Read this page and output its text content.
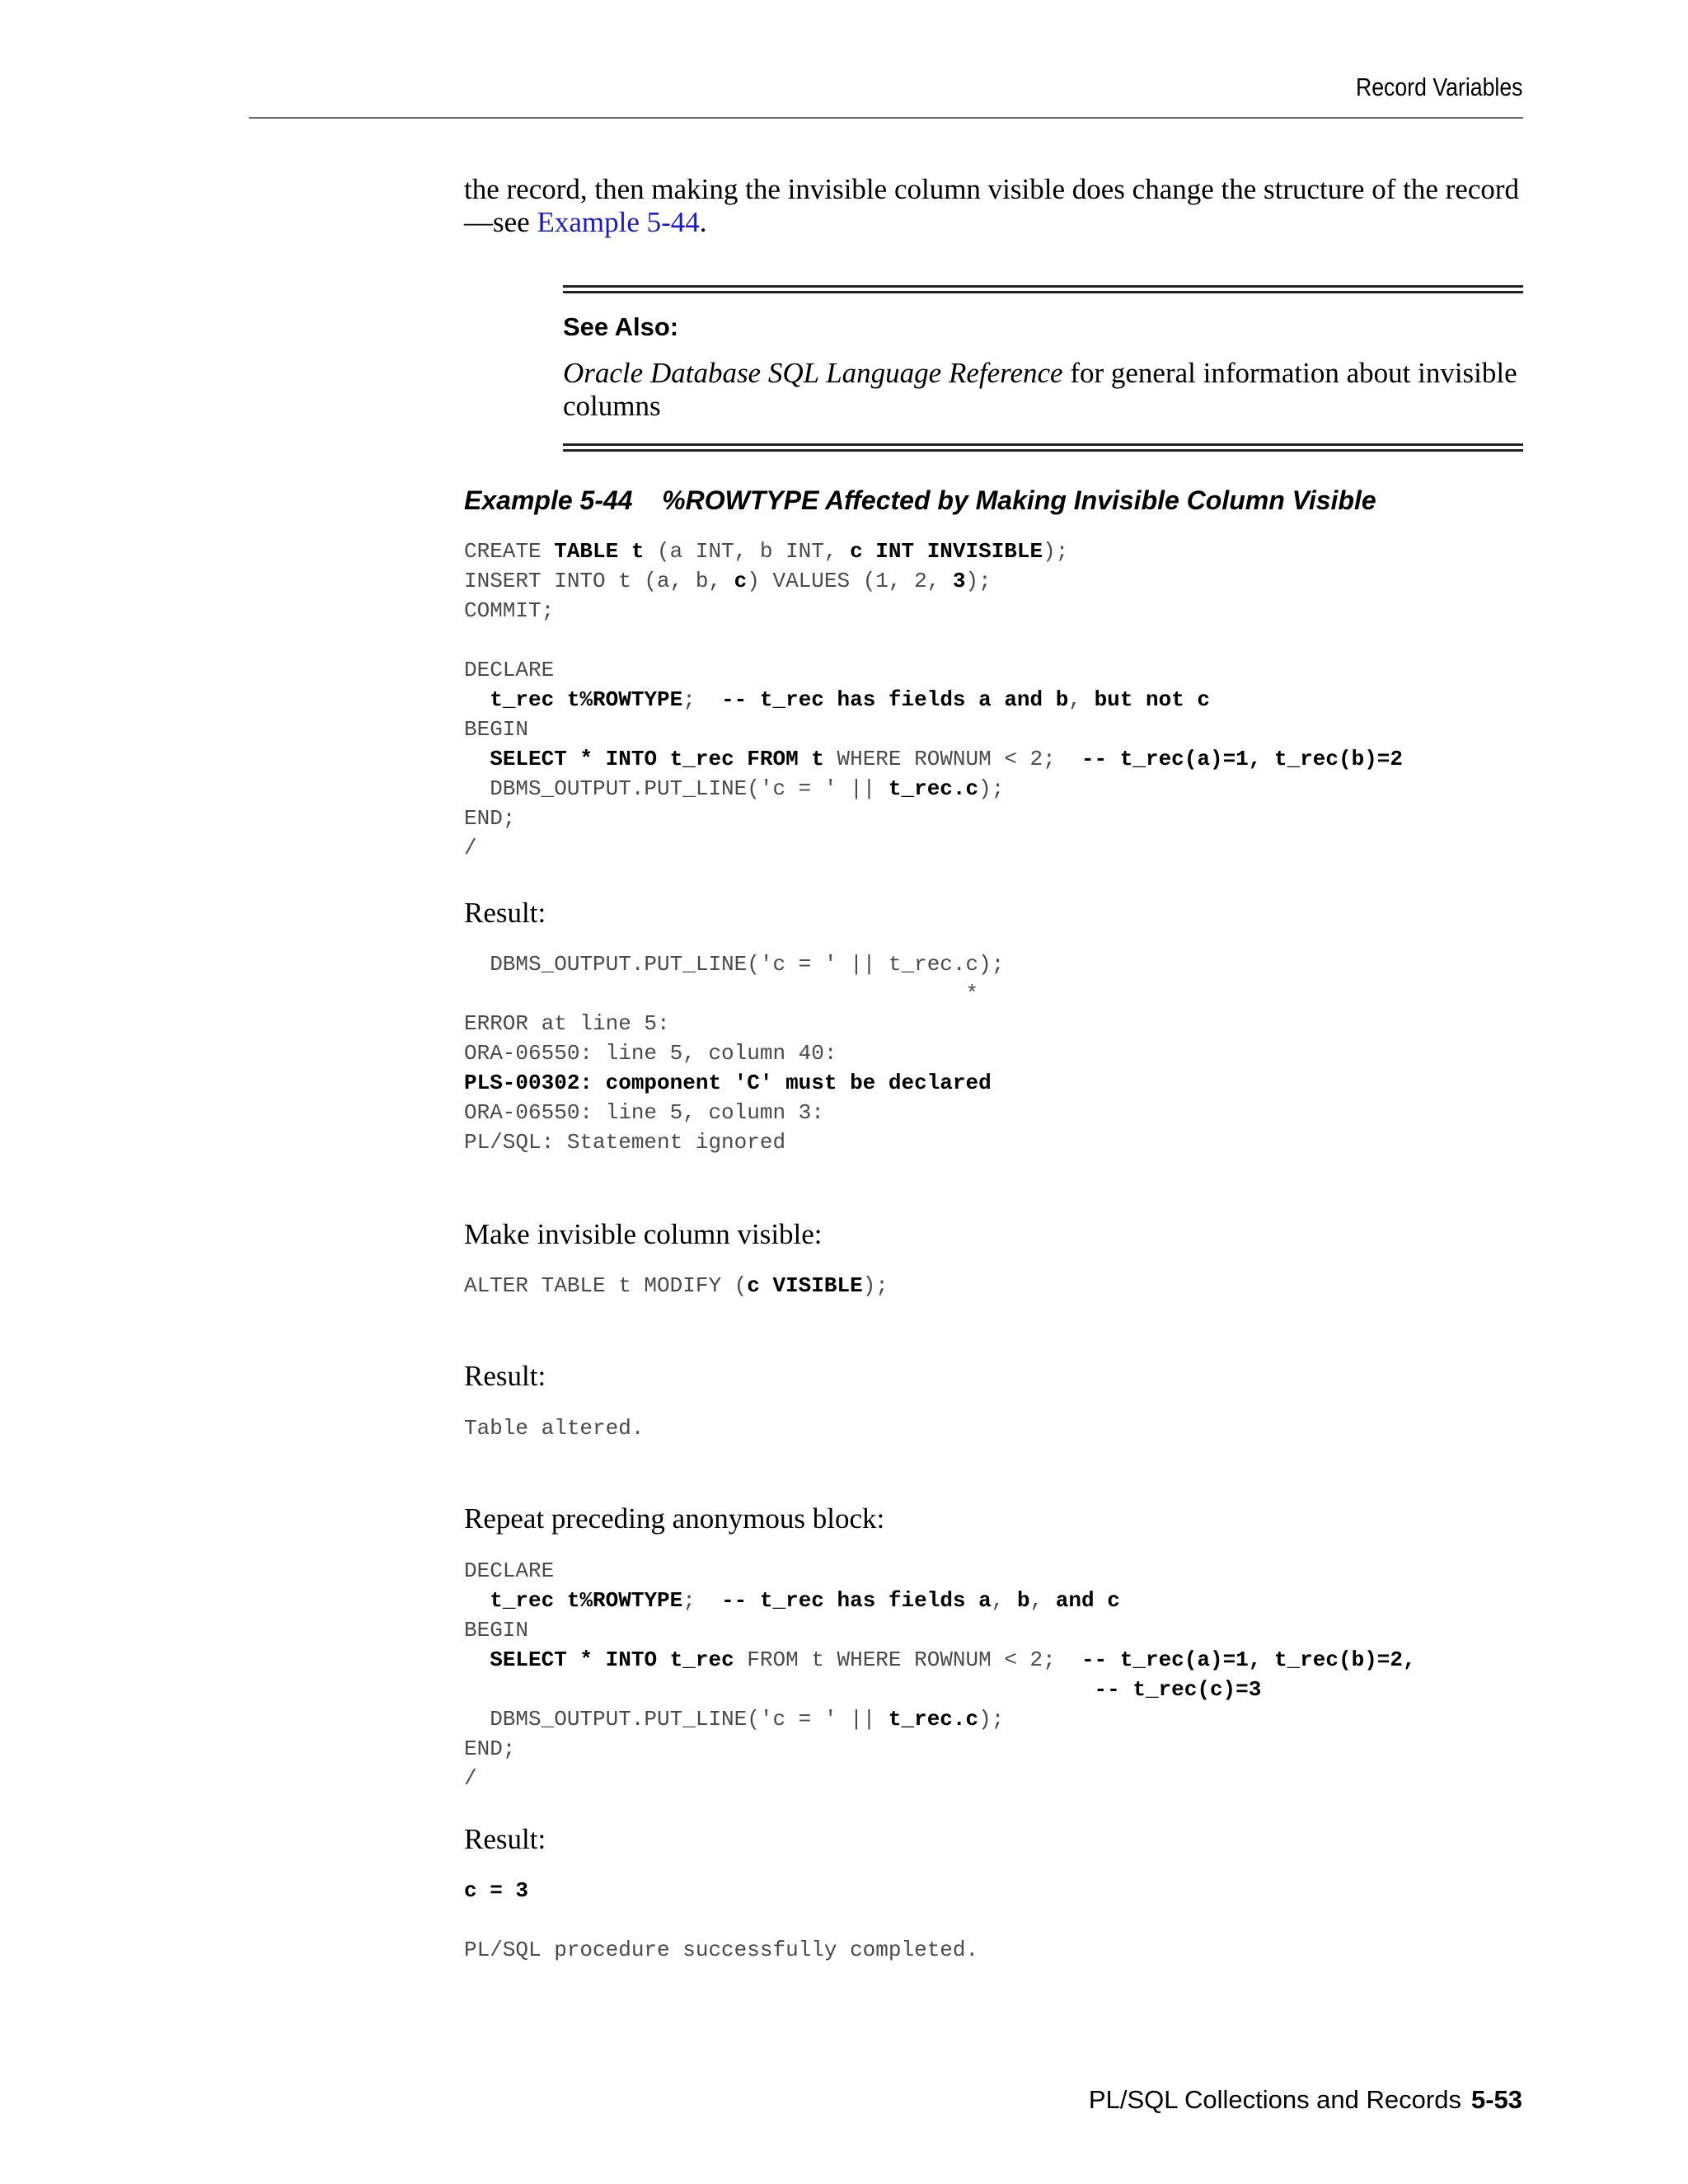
Record Variables

the record, then making the invisible column visible does change the structure of the record—see Example 5-44.

See Also:

Oracle Database SQL Language Reference for general information about invisible columns

Example 5-44 %ROWTYPE Affected by Making Invisible Column Visible
CREATE TABLE t (a INT, b INT, c INT INVISIBLE);
INSERT INTO t (a, b, c) VALUES (1, 2, 3);
COMMIT;

DECLARE
t_rec t%ROWTYPE;  -- t_rec has fields a and b, but not c
BEGIN
SELECT * INTO t_rec FROM t WHERE ROWNUM < 2;  -- t_rec(a)=1, t_rec(b)=2
DBMS_OUTPUT.PUT_LINE('c = ' || t_rec.c);
END;
/
Result:
DBMS_OUTPUT.PUT_LINE('c = ' || t_rec.c);
*
ERROR at line 5:
ORA-06550: line 5, column 40:
PLS-00302: component 'C' must be declared
ORA-06550: line 5, column 3:
PL/SQL: Statement ignored
Make invisible column visible:
ALTER TABLE t MODIFY (c VISIBLE);
Result:
Table altered.
Repeat preceding anonymous block:
DECLARE
t_rec t%ROWTYPE;  -- t_rec has fields a, b, and c
BEGIN
SELECT * INTO t_rec FROM t WHERE ROWNUM < 2;  -- t_rec(a)=1, t_rec(b)=2,
-- t_rec(c)=3
DBMS_OUTPUT.PUT_LINE('c = ' || t_rec.c);
END;
/
Result:
c = 3

PL/SQL procedure successfully completed.
PL/SQL Collections and Records 5-53
